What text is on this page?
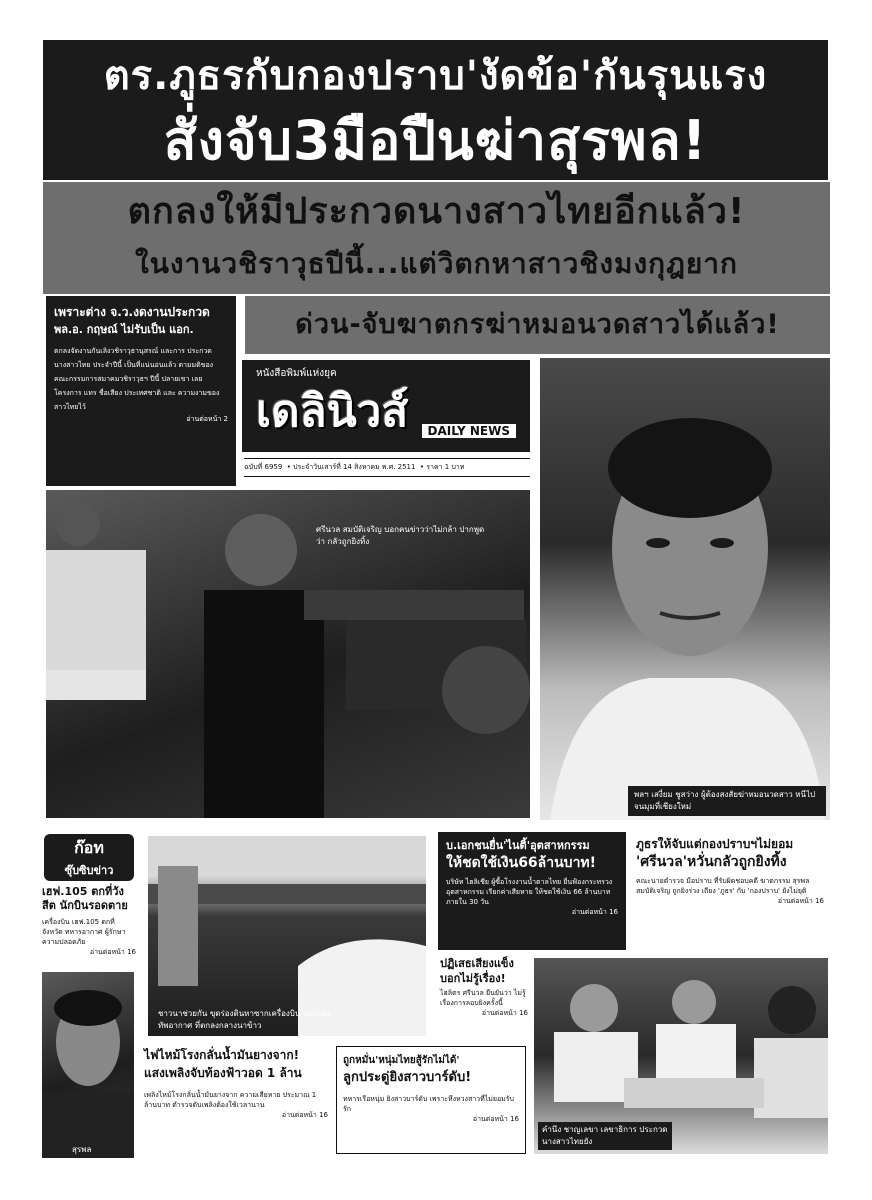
ตร.ภูธรกับกองปราบ'งัดข้อ'กันรุนแรง
สั่งจับ3มือปืนฆ่าสุรพล!
ตกลงให้มีประกวดนางสาวไทยอีกแล้ว!
ในงานวชิราวุธปีนี้...แต่วิตกหาสาวชิงมงกุฎยาก
ด่วน-จับฆาตกรฆ่าหมอนวดสาวได้แล้ว!
เพราะต่าง จ.ว.งดงานประกวด
พล.อ. กฤษณ์ ไม่รับเป็น แอก.
ตกลงจัดงานกันเลิงวชิราวุธานุสรณ์ และการ ประกวด นางสาวไทย ประจำปีนี้ เป็นที่แน่นอนแล้ว ตามมติของคณะกรรมการสมาคมวชิราวุธฯ ปีนี้ ปลายเขา เลย โครงการ แทร ชื่อเสียง ประเทศชาติ และ ความงามของสาวไทยไว้
อ่านต่อหน้า 2
หนังสือพิมพ์แห่งยุค
เดลินิวส์	DAILY NEWS
ฉบับที่ 6959  • ประจำวันเสาร์ที่ 14 สิงหาคม พ.ศ. 2511  • ราคา 1 บาท
พลฯ เสงี่ยม ชูสว่าง ผู้ต้องสงสัยฆ่าหมอนวดสาว หนีไปจนมุมที่เชียงใหม่
ศรีนวล สมบัติเจริญ บอกคนข่าวว่าไม่กล้า ปากพูดว่า กลัวถูกยิงทิ้ง
ก๊อท
ซุ๊บซิบข่าว
เฮฟ.105 ตกที่วังสีต นักบินรอดตาย
เครื่องบิน เฮฟ.105 ตกที่ จังหวัด ทหารอากาศ ผู้รักษาความปลอดภัย
อ่านต่อหน้า 16
สุรพล
ชาวนาช่วยกัน ขุดร่องดินหาซากเครื่องบิน ของกองทัพอากาศ ที่ตกลงกลางนาข้าว
บ.เอกชนยื่น'ไนติ้'อุตสาหกรรม
ให้ชดใช้เงิน66ล้านบาท!
บริษัท ไฮลิเชีย ผู้ซื้อโรงงานน้ำตาลไทย ยื่นฟ้องกระทรวงอุตสาหกรรม เรียกค่าเสียหาย ให้ชดใช้เงิน 66 ล้านบาท ภายใน 30 วัน
อ่านต่อหน้า 16
ภูธรให้จับแต่กองปราบฯไม่ยอม
'ศรีนวล'หวั่นกลัวถูกยิงทิ้ง
คณะนายตำรวจ มือปราบ ที่รับผิดชอบคดี ฆาตกรรม สุรพล สมบัติเจริญ ถูกยิงร่วง เถียง 'ภูธร' กับ 'กองปราบ' ยังไม่ยุติ
อ่านต่อหน้า 16
ปฏิเสธเสียงแข็ง
บอกไม่รู้เรื่อง!
ไฮลิตร ศรีนวล ยืนยันว่า ไม่รู้เรื่องการลอบยิงครั้งนี้
อ่านต่อหน้า 16
คำนึง ชาญเลขา เลขาธิการ ประกวดนางสาวไทยยัง
ไฟไหม้โรงกลั่นน้ำมันยางจาก!
แสงเพลิงจับท้องฟ้าวอด 1 ล้าน
เพลิงไหม้โรงกลั่นน้ำมันยางจาก ความเสียหาย ประมาณ 1 ล้านบาท ตำรวจดับเพลิงต้องใช้เวลานาน
อ่านต่อหน้า 16
ถูกหมั่น'หนุ่มไทยสู้รักไม่ได้'
ลูกประดู่ยิงสาวบาร์ดับ!
ทหารเรือหนุ่ม ยิงสาวบาร์ดับ เพราะหึงหวงสาวที่ไม่ยอมรับรัก
อ่านต่อหน้า 16
